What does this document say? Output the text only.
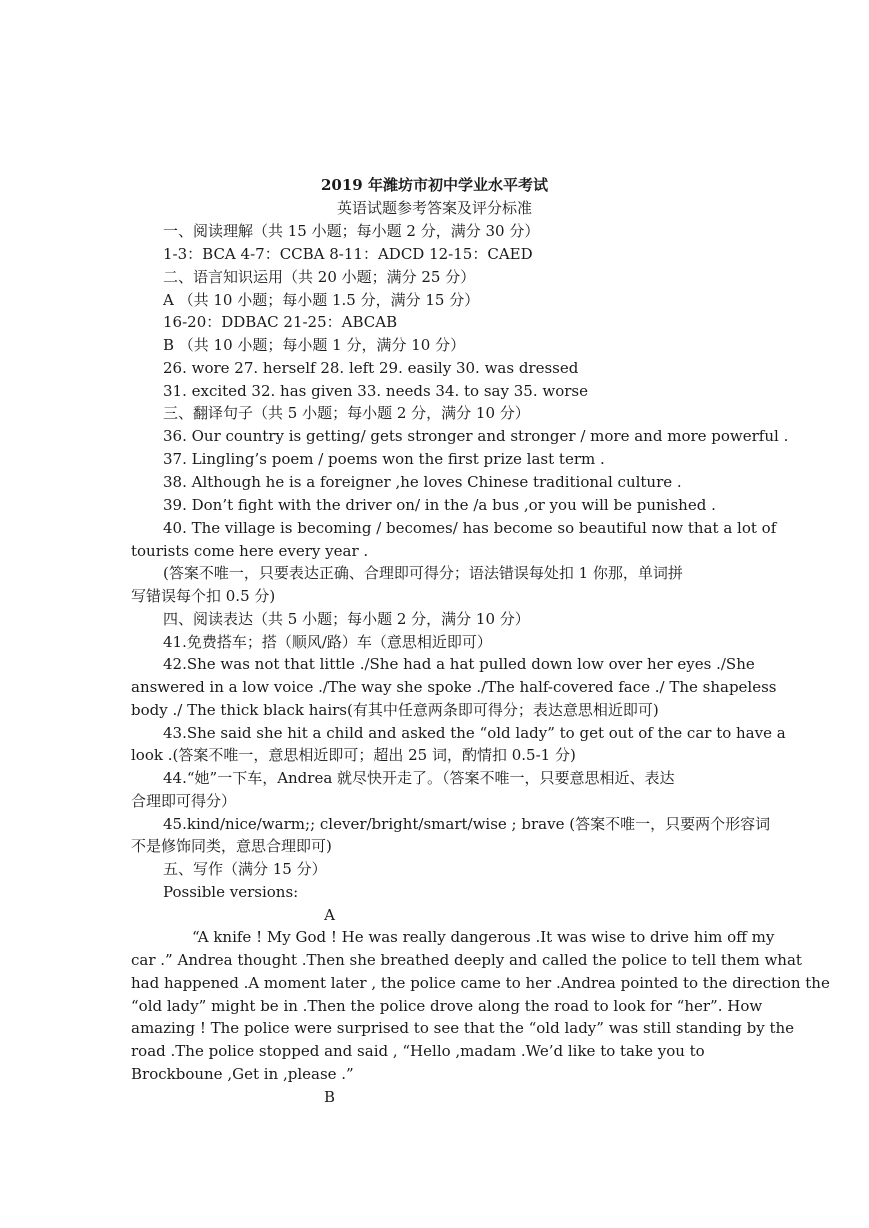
2019 年潍坊市初中学业水平考试
英语试题参考答案及评分标准
一、阅读理解（共 15 小题；每小题 2 分，满分 30 分）
1-3：BCA 4-7：CCBA 8-11：ADCD 12-15：CAED
二、语言知识运用（共 20 小题；满分 25 分）
A （共 10 小题；每小题 1.5 分，满分 15 分）
16-20：DDBAC 21-25：ABCAB
B （共 10 小题；每小题 1 分，满分 10 分）
26. wore 27. herself 28. left 29. easily 30. was dressed
31. excited 32. has given 33. needs 34. to say 35. worse
三、翻译句子（共 5 小题；每小题 2 分，满分 10 分）
36. Our country is getting/ gets stronger and stronger / more and more powerful .
37. Lingling’s poem / poems won the first prize last term .
38. Although he is a foreigner ,he loves Chinese traditional culture .
39. Don’t fight with the driver on/ in the /a bus ,or you will be punished .
40. The village is becoming / becomes/ has become so beautiful now that a lot of
tourists come here every year .
(答案不唯一，只要表达正确、合理即可得分；语法错误每处扣 1 你那，单词拼
写错误每个扣 0.5 分)
四、阅读表达（共 5 小题；每小题 2 分，满分 10 分）
41.免费搭车；搭（顺风/路）车（意思相近即可）
42.She was not that little ./She had a hat pulled down low over her eyes ./She
answered in a low voice ./The way she spoke ./The half-covered face ./ The shapeless
body ./ The thick black hairs(有其中任意两条即可得分；表达意思相近即可)
43.She said she hit a child and asked the “old lady” to get out of the car to have a
look .(答案不唯一，意思相近即可；超出 25 词，酌情扣 0.5-1 分)
44.“她”一下车，Andrea 就尽快开走了。（答案不唯一，只要意思相近、表达
合理即可得分）
45.kind/nice/warm;; clever/bright/smart/wise ; brave (答案不唯一，只要两个形容词
不是修饰同类，意思合理即可)
五、写作（满分 15 分）
Possible versions:
A
“A knife ! My God ! He was really dangerous .It was wise to drive him off my
car .” Andrea thought .Then she breathed deeply and called the police to tell them what
had happened .A moment later , the police came to her .Andrea pointed to the direction the
“old lady” might be in .Then the police drove along the road to look for “her”. How
amazing ! The police were surprised to see that the “old lady” was still standing by the
road .The police stopped and said , “Hello ,madam .We’d like to take you to
Brockboune ,Get in ,please .”
B
